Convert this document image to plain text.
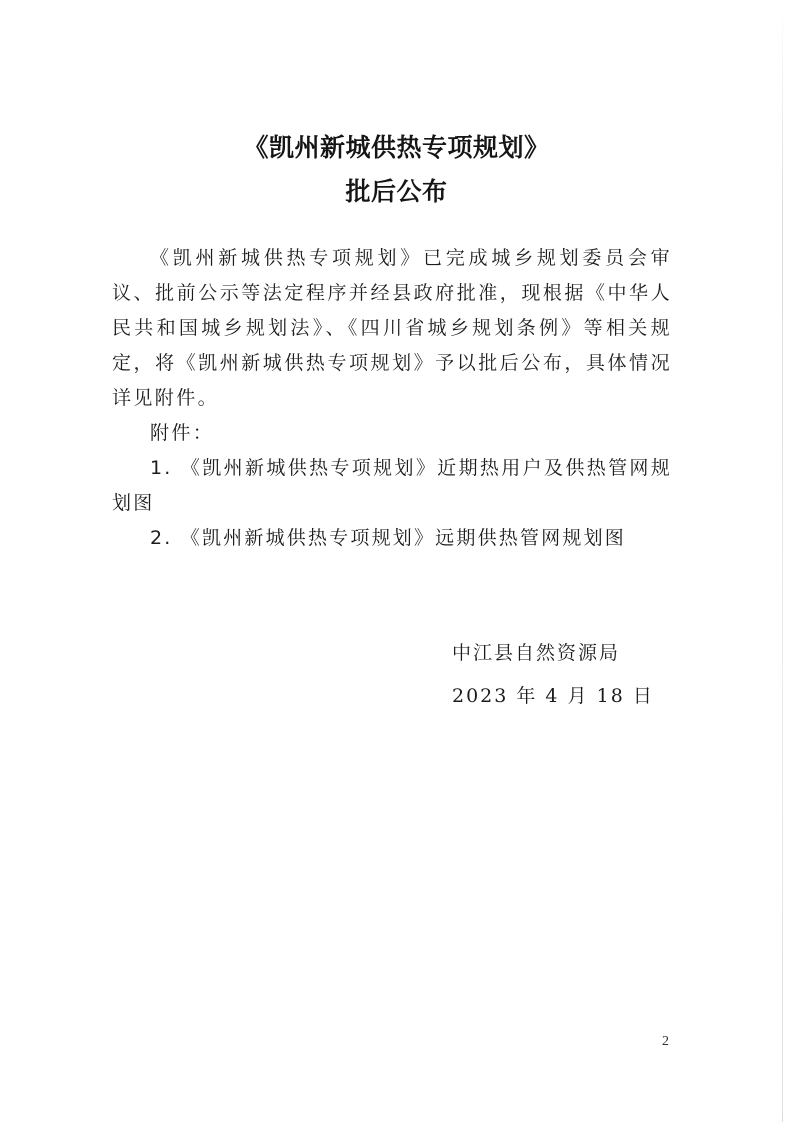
《凯州新城供热专项规划》
批后公布

《凯州新城供热专项规划》已完成城乡规划委员会审议、批前公示等法定程序并经县政府批准，现根据《中华人民共和国城乡规划法》、《四川省城乡规划条例》等相关规定，将《凯州新城供热专项规划》予以批后公布，具体情况详见附件。

附件：

1. 《凯州新城供热专项规划》近期热用户及供热管网规划图

2. 《凯州新城供热专项规划》远期供热管网规划图

中江县自然资源局
2023 年 4 月 18 日
2
